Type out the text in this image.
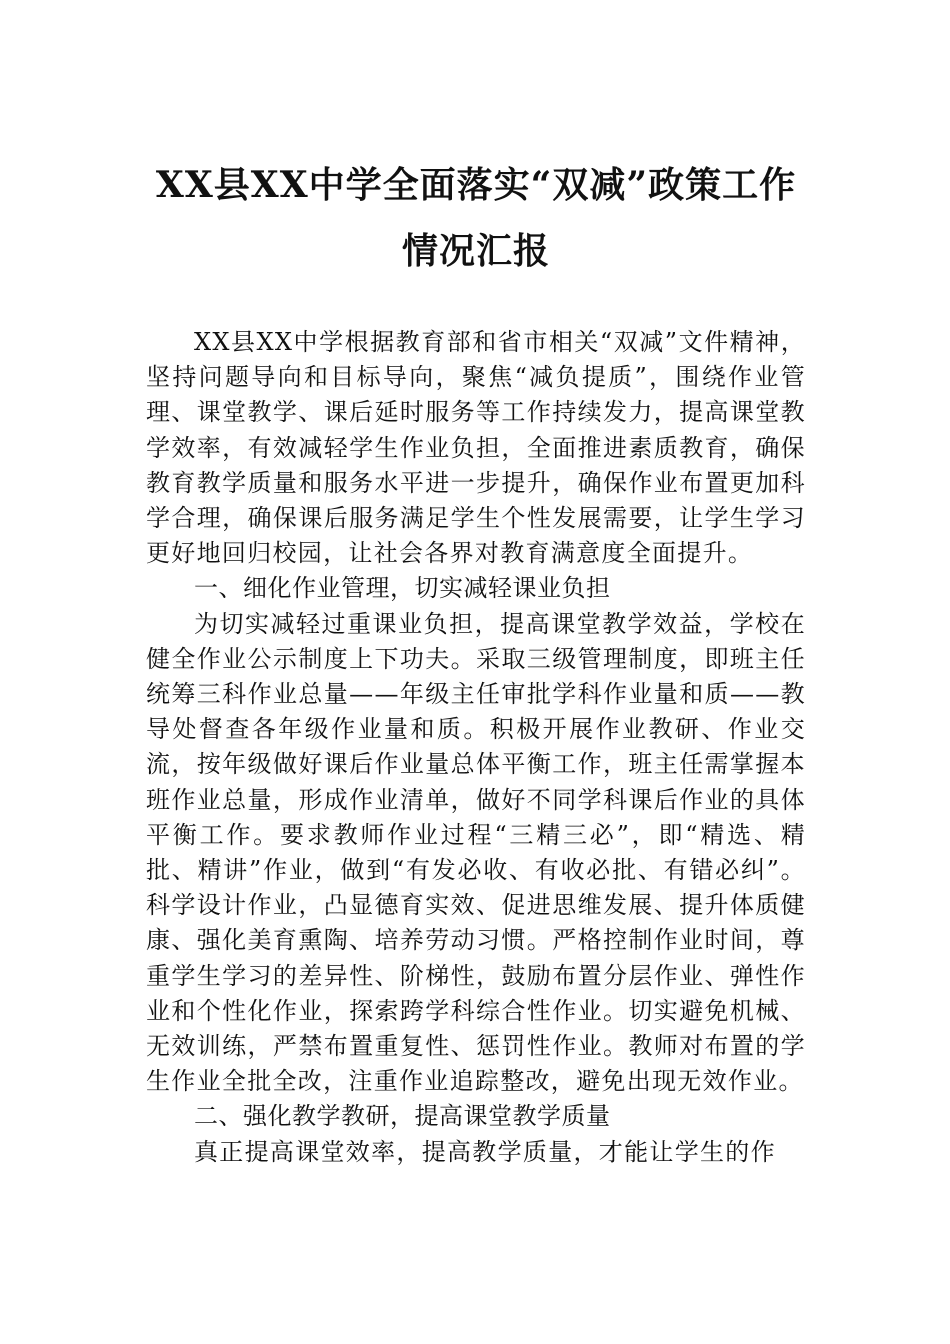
XX县XX中学全面落实“双减”政策工作
情况汇报

XX县XX中学根据教育部和省市相关“双减”文件精神，坚持问题导向和目标导向，聚焦“减负提质”，围绕作业管理、课堂教学、课后延时服务等工作持续发力，提高课堂教学效率，有效减轻学生作业负担，全面推进素质教育，确保教育教学质量和服务水平进一步提升，确保作业布置更加科学合理，确保课后服务满足学生个性发展需要，让学生学习更好地回归校园，让社会各界对教育满意度全面提升。

一、细化作业管理，切实减轻课业负担

为切实减轻过重课业负担，提高课堂教学效益，学校在健全作业公示制度上下功夫。采取三级管理制度，即班主任统筹三科作业总量——年级主任审批学科作业量和质——教导处督查各年级作业量和质。积极开展作业教研、作业交流，按年级做好课后作业量总体平衡工作，班主任需掌握本班作业总量，形成作业清单，做好不同学科课后作业的具体平衡工作。要求教师作业过程“三精三必”，即“精选、精批、精讲”作业，做到“有发必收、有收必批、有错必纠”。科学设计作业，凸显德育实效、促进思维发展、提升体质健康、强化美育熏陶、培养劳动习惯。严格控制作业时间，尊重学生学习的差异性、阶梯性，鼓励布置分层作业、弹性作业和个性化作业，探索跨学科综合性作业。切实避免机械、无效训练，严禁布置重复性、惩罚性作业。教师对布置的学生作业全批全改，注重作业追踪整改，避免出现无效作业。

二、强化教学教研，提高课堂教学质量

真正提高课堂效率，提高教学质量，才能让学生的作
